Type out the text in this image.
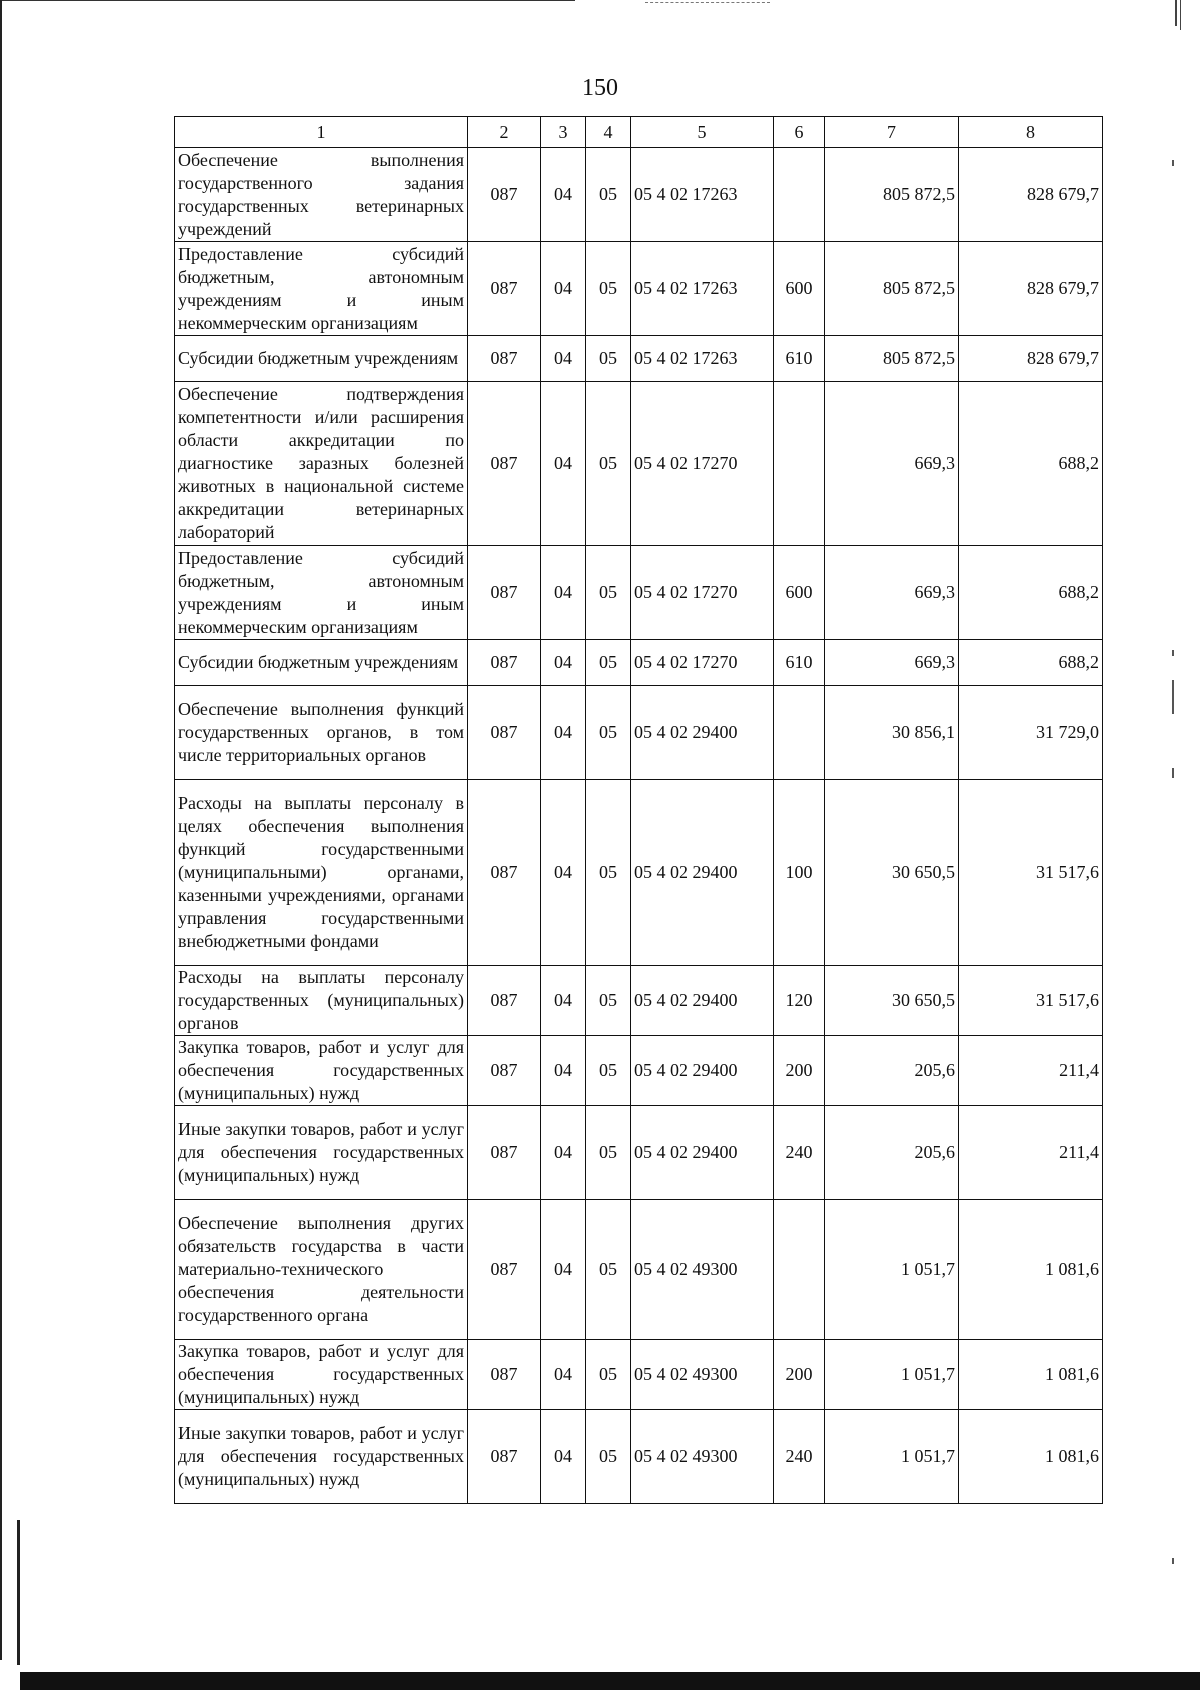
150
1	2	3	4	5	6	7	8
Обеспечение выполнения государственного задания государственных ветеринарных учреждений	087	04	05	05 4 02 17263		805 872,5	828 679,7
Предоставление субсидий бюджетным, автономным учреждениям и иным некоммерческим организациям	087	04	05	05 4 02 17263	600	805 872,5	828 679,7
Субсидии бюджетным учреждениям	087	04	05	05 4 02 17263	610	805 872,5	828 679,7
Обеспечение подтверждения компетентности и/или расширения области аккредитации по диагностике заразных болезней животных в национальной системе аккредитации ветеринарных лабораторий	087	04	05	05 4 02 17270		669,3	688,2
Предоставление субсидий бюджетным, автономным учреждениям и иным некоммерческим организациям	087	04	05	05 4 02 17270	600	669,3	688,2
Субсидии бюджетным учреждениям	087	04	05	05 4 02 17270	610	669,3	688,2
Обеспечение выполнения функций государственных органов, в том числе территориальных органов	087	04	05	05 4 02 29400		30 856,1	31 729,0
Расходы на выплаты персоналу в целях обеспечения выполнения функций государственными (муниципальными) органами, казенными учреждениями, органами управления государственными внебюджетными фондами	087	04	05	05 4 02 29400	100	30 650,5	31 517,6
Расходы на выплаты персоналу государственных (муниципальных) органов	087	04	05	05 4 02 29400	120	30 650,5	31 517,6
Закупка товаров, работ и услуг для обеспечения государственных (муниципальных) нужд	087	04	05	05 4 02 29400	200	205,6	211,4
Иные закупки товаров, работ и услуг для обеспечения государственных (муниципальных) нужд	087	04	05	05 4 02 29400	240	205,6	211,4
Обеспечение выполнения других обязательств государства в части материально-технического обеспечения деятельности государственного органа	087	04	05	05 4 02 49300		1 051,7	1 081,6
Закупка товаров, работ и услуг для обеспечения государственных (муниципальных) нужд	087	04	05	05 4 02 49300	200	1 051,7	1 081,6
Иные закупки товаров, работ и услуг для обеспечения государственных (муниципальных) нужд	087	04	05	05 4 02 49300	240	1 051,7	1 081,6
